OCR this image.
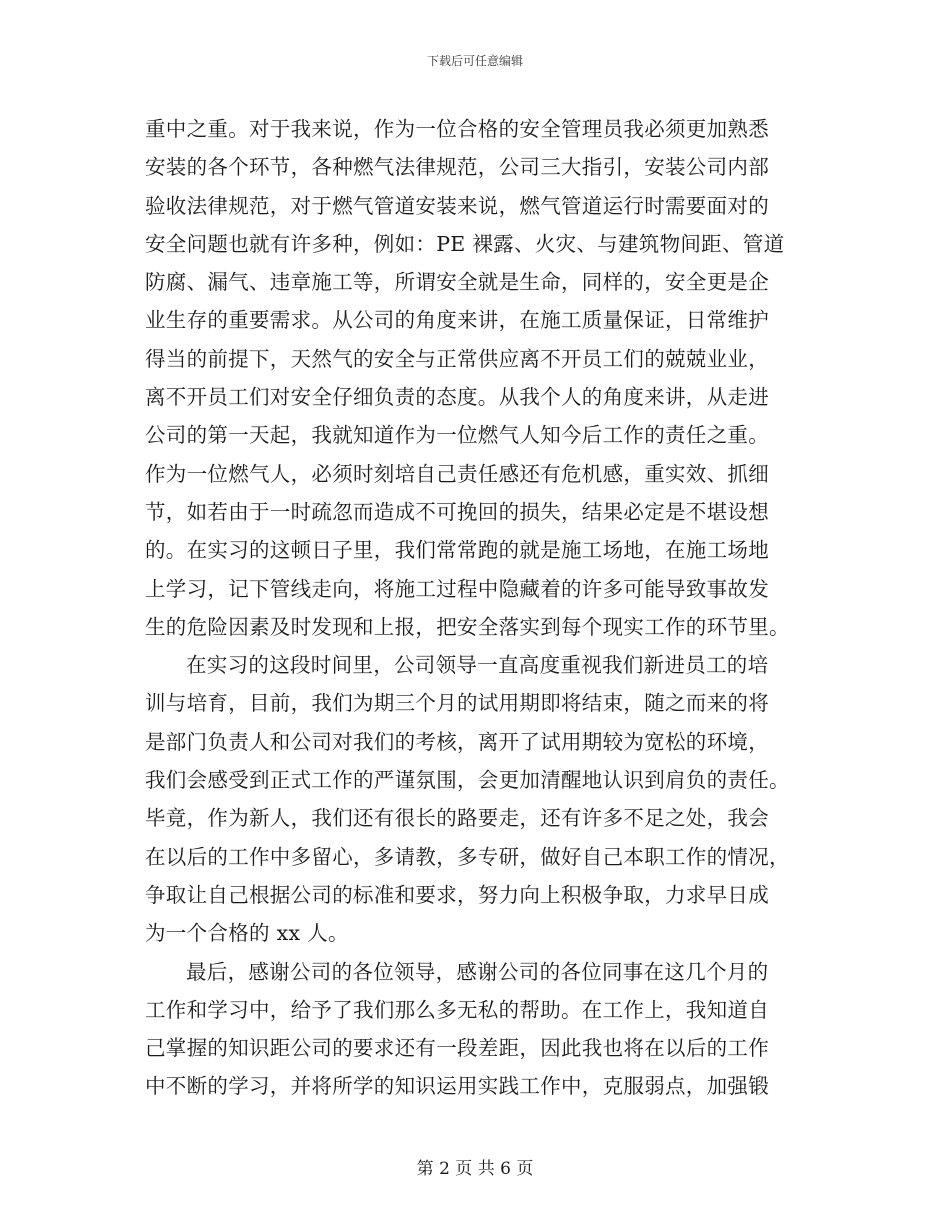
下载后可任意编辑
重中之重。对于我来说，作为一位合格的安全管理员我必须更加熟悉
安装的各个环节，各种燃气法律规范，公司三大指引，安装公司内部
验收法律规范，对于燃气管道安装来说，燃气管道运行时需要面对的
安全问题也就有许多种，例如：PE 裸露、火灾、与建筑物间距、管道
防腐、漏气、违章施工等，所谓安全就是生命，同样的，安全更是企
业生存的重要需求。从公司的角度来讲，在施工质量保证，日常维护
得当的前提下，天然气的安全与正常供应离不开员工们的兢兢业业，
离不开员工们对安全仔细负责的态度。从我个人的角度来讲，从走进
公司的第一天起，我就知道作为一位燃气人知今后工作的责任之重。
作为一位燃气人，必须时刻培自己责任感还有危机感，重实效、抓细
节，如若由于一时疏忽而造成不可挽回的损失，结果必定是不堪设想
的。在实习的这顿日子里，我们常常跑的就是施工场地，在施工场地
上学习，记下管线走向，将施工过程中隐藏着的许多可能导致事故发
生的危险因素及时发现和上报，把安全落实到每个现实工作的环节里。
在实习的这段时间里，公司领导一直高度重视我们新进员工的培
训与培育，目前，我们为期三个月的试用期即将结束，随之而来的将
是部门负责人和公司对我们的考核，离开了试用期较为宽松的环境，
我们会感受到正式工作的严谨氛围，会更加清醒地认识到肩负的责任。
毕竟，作为新人，我们还有很长的路要走，还有许多不足之处，我会
在以后的工作中多留心，多请教，多专研，做好自己本职工作的情况，
争取让自己根据公司的标准和要求，努力向上积极争取，力求早日成
为一个合格的 xx 人。
最后，感谢公司的各位领导，感谢公司的各位同事在这几个月的
工作和学习中，给予了我们那么多无私的帮助。在工作上，我知道自
己掌握的知识距公司的要求还有一段差距，因此我也将在以后的工作
中不断的学习，并将所学的知识运用实践工作中，克服弱点，加强锻
第 2 页 共 6 页
